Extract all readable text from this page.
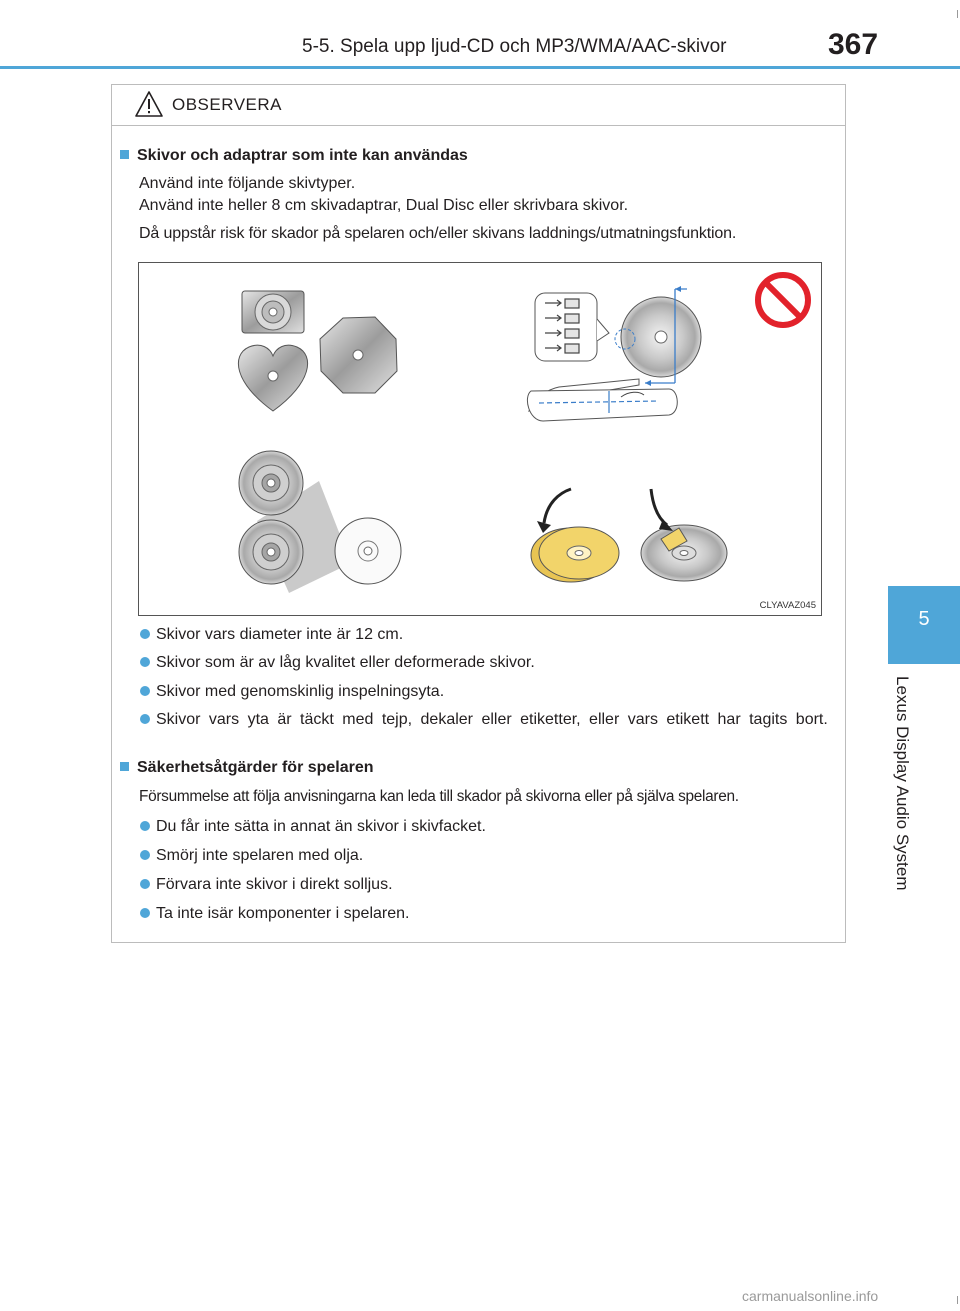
5-5. Spela upp ljud-CD och MP3/WMA/AAC-skivor	367
5
Lexus Display Audio System
OBSERVERA
Skivor och adaptrar som inte kan användas
Använd inte följande skivtyper.
Använd inte heller 8 cm skivadaptrar, Dual Disc eller skrivbara skivor.
Då uppstår risk för skador på spelaren och/eller skivans laddnings/utmatningsfunktion.
CLYAVAZ045
Skivor vars diameter inte är 12 cm.
Skivor som är av låg kvalitet eller deformerade skivor.
Skivor med genomskinlig inspelningsyta.
Skivor vars yta är täckt med tejp, dekaler eller etiketter, eller vars etikett har tagits bort.
Säkerhetsåtgärder för spelaren
Försummelse att följa anvisningarna kan leda till skador på skivorna eller på själva spelaren.
Du får inte sätta in annat än skivor i skivfacket.
Smörj inte spelaren med olja.
Förvara inte skivor i direkt solljus.
Ta inte isär komponenter i spelaren.
carmanualsonline.info
